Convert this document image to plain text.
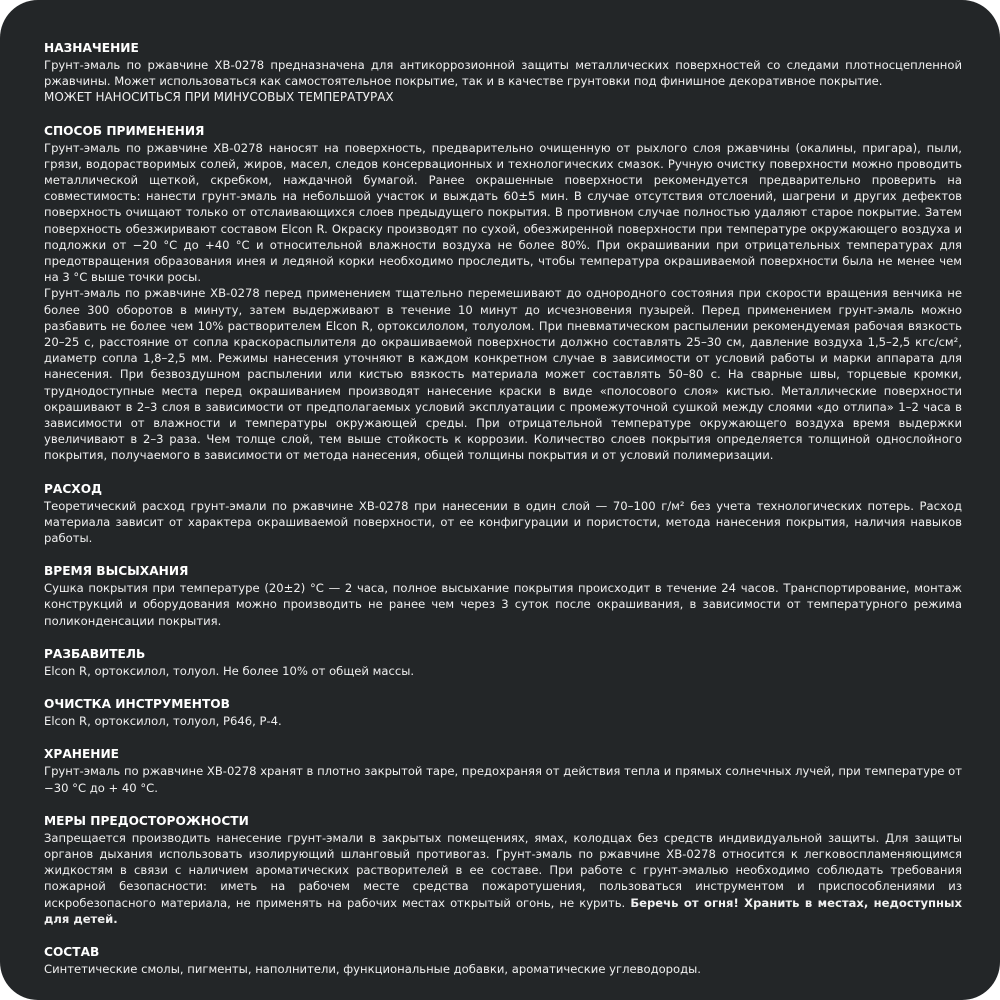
НАЗНАЧЕНИЕ

Грунт-эмаль по ржавчине ХВ-0278 предназначена для антикоррозионной защиты металлических поверхностей со следами плотносцепленной ржавчины. Может использоваться как самостоятельное покрытие, так и в качестве грунтовки под финишное декоративное покрытие.

МОЖЕТ НАНОСИТЬСЯ ПРИ МИНУСОВЫХ ТЕМПЕРАТУРАХ

СПОСОБ ПРИМЕНЕНИЯ

Грунт-эмаль по ржавчине ХВ-0278 наносят на поверхность, предварительно очищенную от рыхлого слоя ржавчины (окалины, пригара), пыли, грязи, водорастворимых солей, жиров, масел, следов консервационных и технологических смазок. Ручную очистку поверхности можно проводить металлической щеткой, скребком, наждачной бумагой. Ранее окрашенные поверхности рекомендуется предварительно проверить на совместимость: нанести грунт-эмаль на небольшой участок и выждать 60±5 мин. В случае отсутствия отслоений, шагрени и других дефектов поверхность очищают только от отслаивающихся слоев предыдущего покрытия. В противном случае полностью удаляют старое покрытие. Затем поверхность обезжиривают составом Elcon R. Окраску производят по сухой, обезжиренной поверхности при температуре окружающего воздуха и подложки от −20 °С до +40 °С и относительной влажности воздуха не более 80%. При окрашивании при отрицательных температурах для предотвращения образования инея и ледяной корки необходимо проследить, чтобы температура окрашиваемой поверхности была не менее чем на 3 °С выше точки росы.

Грунт-эмаль по ржавчине ХВ-0278 перед применением тщательно перемешивают до однородного состояния при скорости вращения венчика не более 300 оборотов в минуту, затем выдерживают в течение 10 минут до исчезновения пузырей. Перед применением грунт-эмаль можно разбавить не более чем 10% растворителем Elcon R, ортоксилолом, толуолом. При пневматическом распылении рекомендуемая рабочая вязкость 20–25 с, расстояние от сопла краскораспылителя до окрашиваемой поверхности должно составлять 25–30 см, давление воздуха 1,5–2,5 кгс/см², диаметр сопла 1,8–2,5 мм. Режимы нанесения уточняют в каждом конкретном случае в зависимости от условий работы и марки аппарата для нанесения. При безвоздушном распылении или кистью вязкость материала может составлять 50–80 с. На сварные швы, торцевые кромки, труднодоступные места перед окрашиванием производят нанесение краски в виде «полосового слоя» кистью. Металлические поверхности окрашивают в 2–3 слоя в зависимости от предполагаемых условий эксплуатации с промежуточной сушкой между слоями «до отлипа» 1–2 часа в зависимости от влажности и температуры окружающей среды. При отрицательной температуре окружающего воздуха время выдержки увеличивают в 2–3 раза. Чем толще слой, тем выше стойкость к коррозии. Количество слоев покрытия определяется толщиной однослойного покрытия, получаемого в зависимости от метода нанесения, общей толщины покрытия и от условий полимеризации.

РАСХОД

Теоретический расход грунт-эмали по ржавчине ХВ-0278 при нанесении в один слой — 70–100 г/м² без учета технологических потерь. Расход материала зависит от характера окрашиваемой поверхности, от ее конфигурации и пористости, метода нанесения покрытия, наличия навыков работы.

ВРЕМЯ ВЫСЫХАНИЯ

Сушка покрытия при температуре (20±2) °С — 2 часа, полное высыхание покрытия происходит в течение 24 часов. Транспортирование, монтаж конструкций и оборудования можно производить не ранее чем через 3 суток после окрашивания, в зависимости от температурного режима поликонденсации покрытия.

РАЗБАВИТЕЛЬ

Elcon R, ортоксилол, толуол. Не более 10% от общей массы.

ОЧИСТКА ИНСТРУМЕНТОВ

Elcon R, ортоксилол, толуол, Р646, Р-4.

ХРАНЕНИЕ

Грунт-эмаль по ржавчине ХВ-0278 хранят в плотно закрытой таре, предохраняя от действия тепла и прямых солнечных лучей, при температуре от −30 °С до + 40 °С.

МЕРЫ ПРЕДОСТОРОЖНОСТИ

Запрещается производить нанесение грунт-эмали в закрытых помещениях, ямах, колодцах без средств индивидуальной защиты. Для защиты органов дыхания использовать изолирующий шланговый противогаз. Грунт-эмаль по ржавчине ХВ-0278 относится к легковоспламеняющимся жидкостям в связи с наличием ароматических растворителей в ее составе. При работе с грунт-эмалью необходимо соблюдать требования пожарной безопасности: иметь на рабочем месте средства пожаротушения, пользоваться инструментом и приспособлениями из искробезопасного материала, не применять на рабочих местах открытый огонь, не курить. Беречь от огня! Хранить в местах, недоступных для детей.

СОСТАВ

Синтетические смолы, пигменты, наполнители, функциональные добавки, ароматические углеводороды.
